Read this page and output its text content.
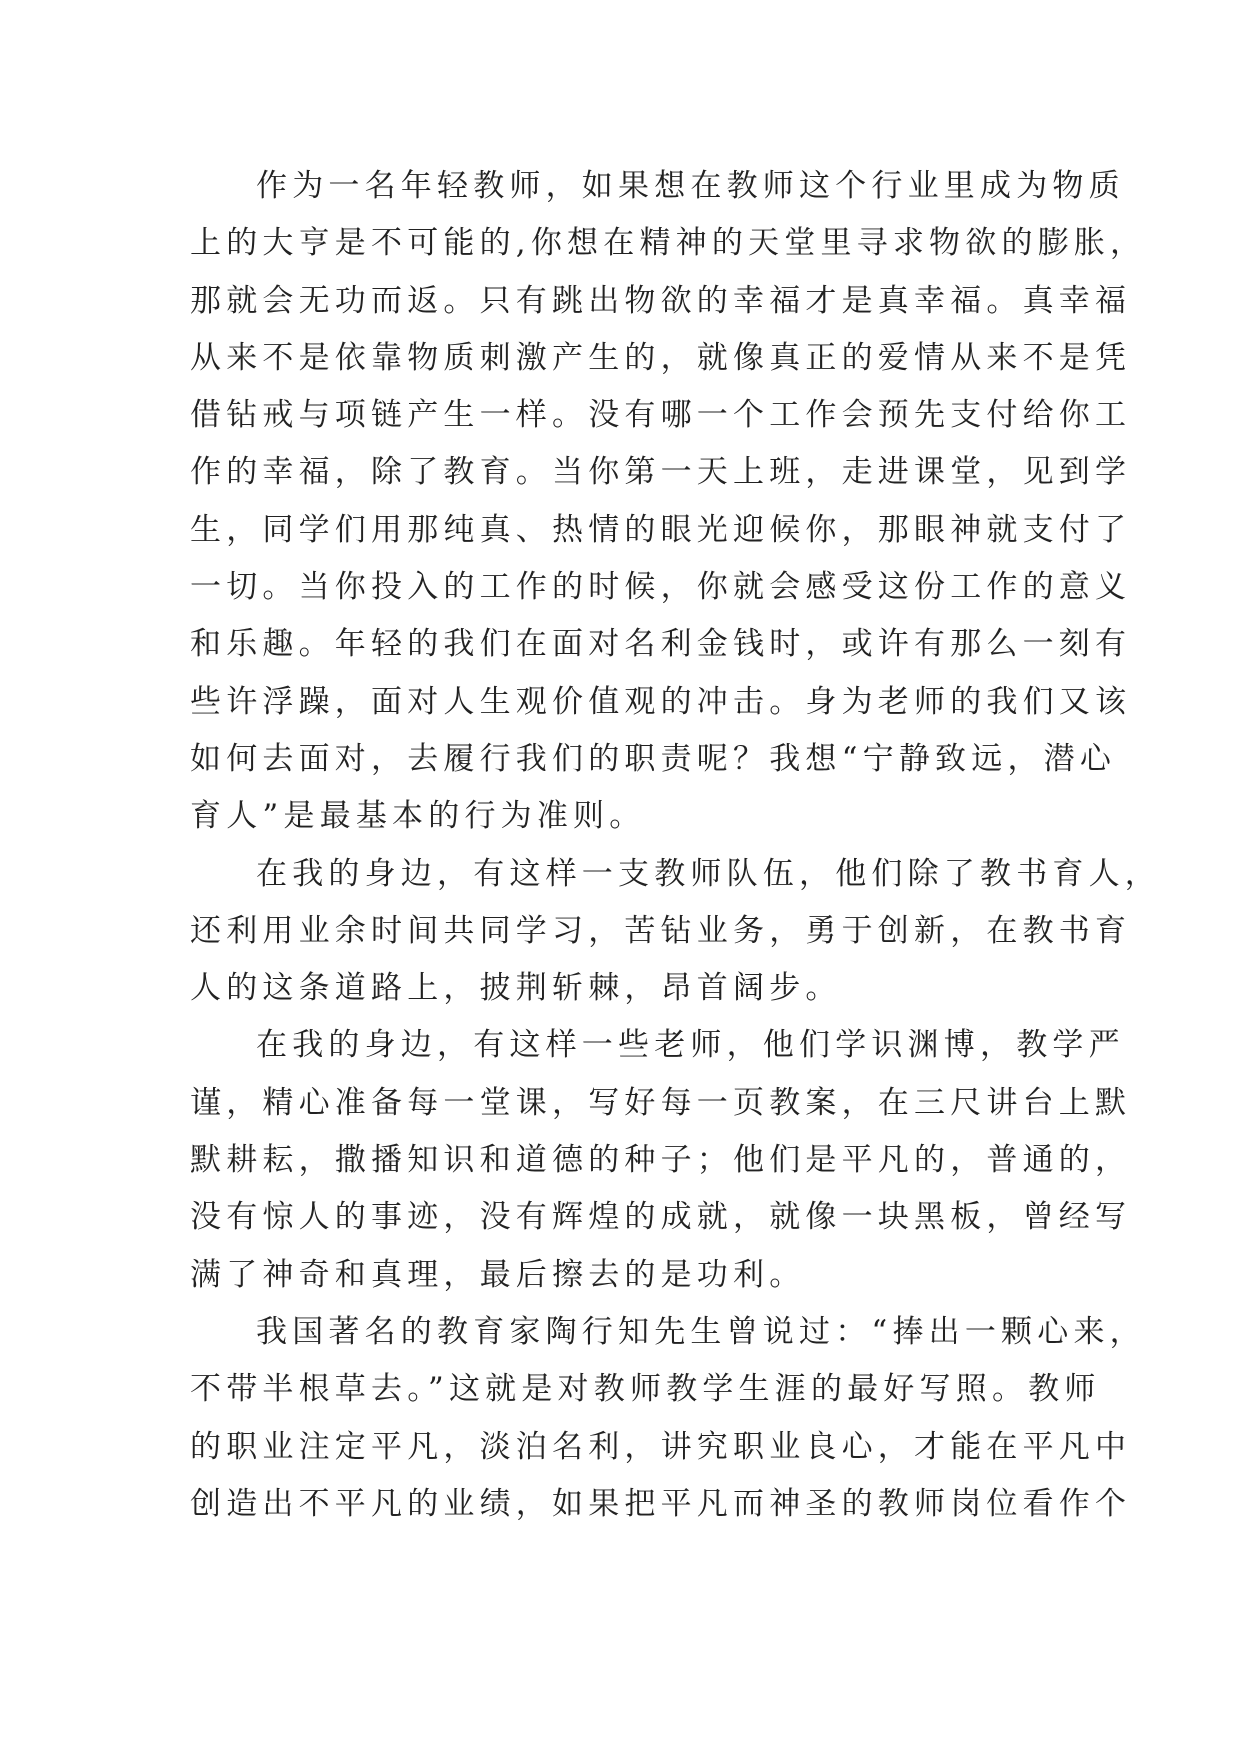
作为一名年轻教师，如果想在教师这个行业里成为物质
上的大亨是不可能的,你想在精神的天堂里寻求物欲的膨胀，
那就会无功而返。只有跳出物欲的幸福才是真幸福。真幸福
从来不是依靠物质刺激产生的，就像真正的爱情从来不是凭
借钻戒与项链产生一样。没有哪一个工作会预先支付给你工
作的幸福，除了教育。当你第一天上班，走进课堂，见到学
生，同学们用那纯真、热情的眼光迎候你，那眼神就支付了
一切。当你投入的工作的时候，你就会感受这份工作的意义
和乐趣。年轻的我们在面对名利金钱时，或许有那么一刻有
些许浮躁，面对人生观价值观的冲击。身为老师的我们又该
如何去面对，去履行我们的职责呢？我想“宁静致远，潜心
育人”是最基本的行为准则。
在我的身边，有这样一支教师队伍，他们除了教书育人，
还利用业余时间共同学习，苦钻业务，勇于创新，在教书育
人的这条道路上，披荆斩棘，昂首阔步。
在我的身边，有这样一些老师，他们学识渊博，教学严
谨，精心准备每一堂课，写好每一页教案，在三尺讲台上默
默耕耘，撒播知识和道德的种子；他们是平凡的，普通的，
没有惊人的事迹，没有辉煌的成就，就像一块黑板，曾经写
满了神奇和真理，最后擦去的是功利。
我国著名的教育家陶行知先生曾说过：“捧出一颗心来，
不带半根草去。”这就是对教师教学生涯的最好写照。教师
的职业注定平凡，淡泊名利，讲究职业良心，才能在平凡中
创造出不平凡的业绩，如果把平凡而神圣的教师岗位看作个
